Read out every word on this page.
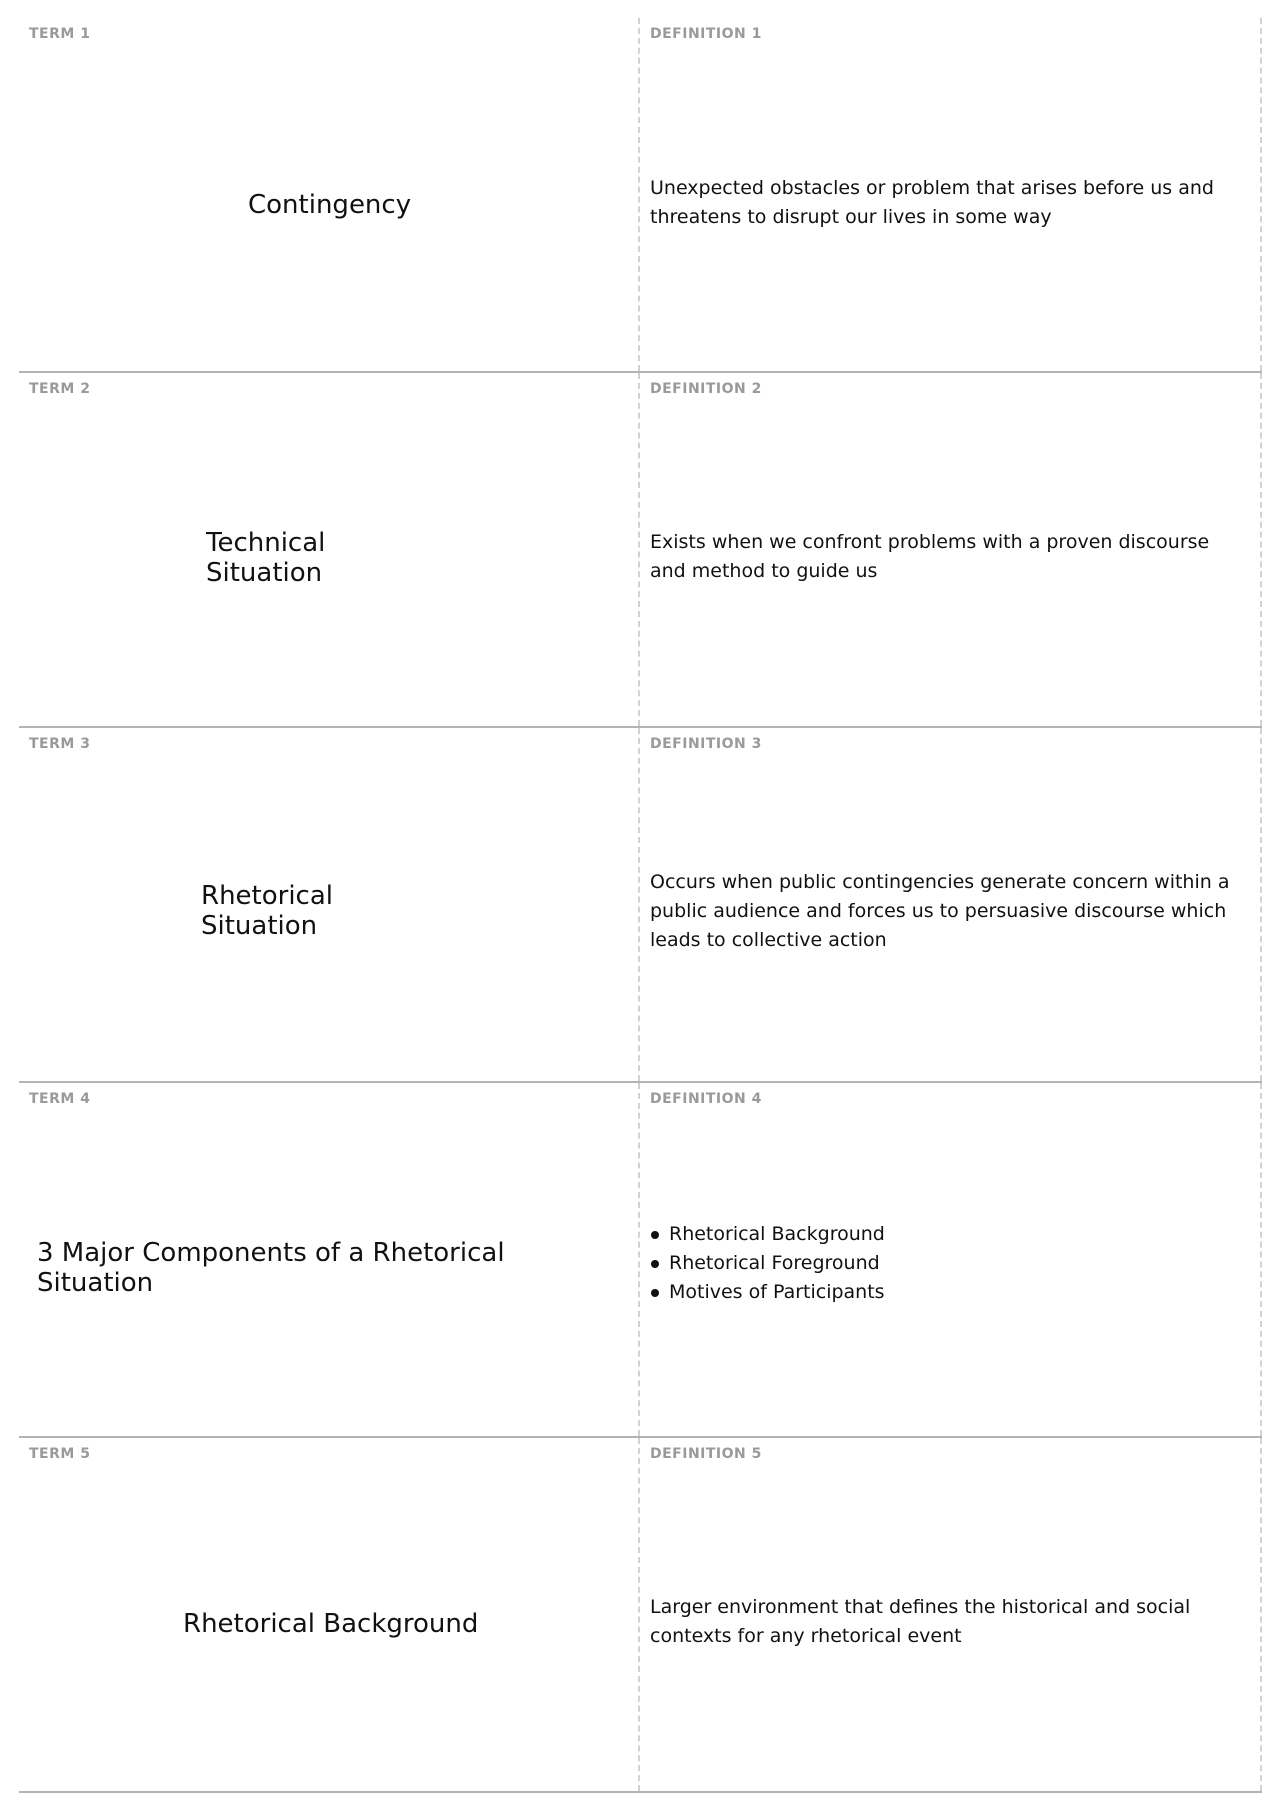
TERM 1
Contingency
DEFINITION 1
Unexpected obstacles or problem that arises before us and threatens to disrupt our lives in some way
TERM 2
Technical
Situation
DEFINITION 2
Exists when we confront problems with a proven discourse and method to guide us
TERM 3
Rhetorical
Situation
DEFINITION 3
Occurs when public contingencies generate concern within a public audience and forces us to persuasive discourse which leads to collective action
TERM 4
3 Major Components of a Rhetorical
Situation
DEFINITION 4
Rhetorical Background
Rhetorical Foreground
Motives of Participants
TERM 5
Rhetorical Background
DEFINITION 5
Larger environment that defines the historical and social contexts for any rhetorical event
